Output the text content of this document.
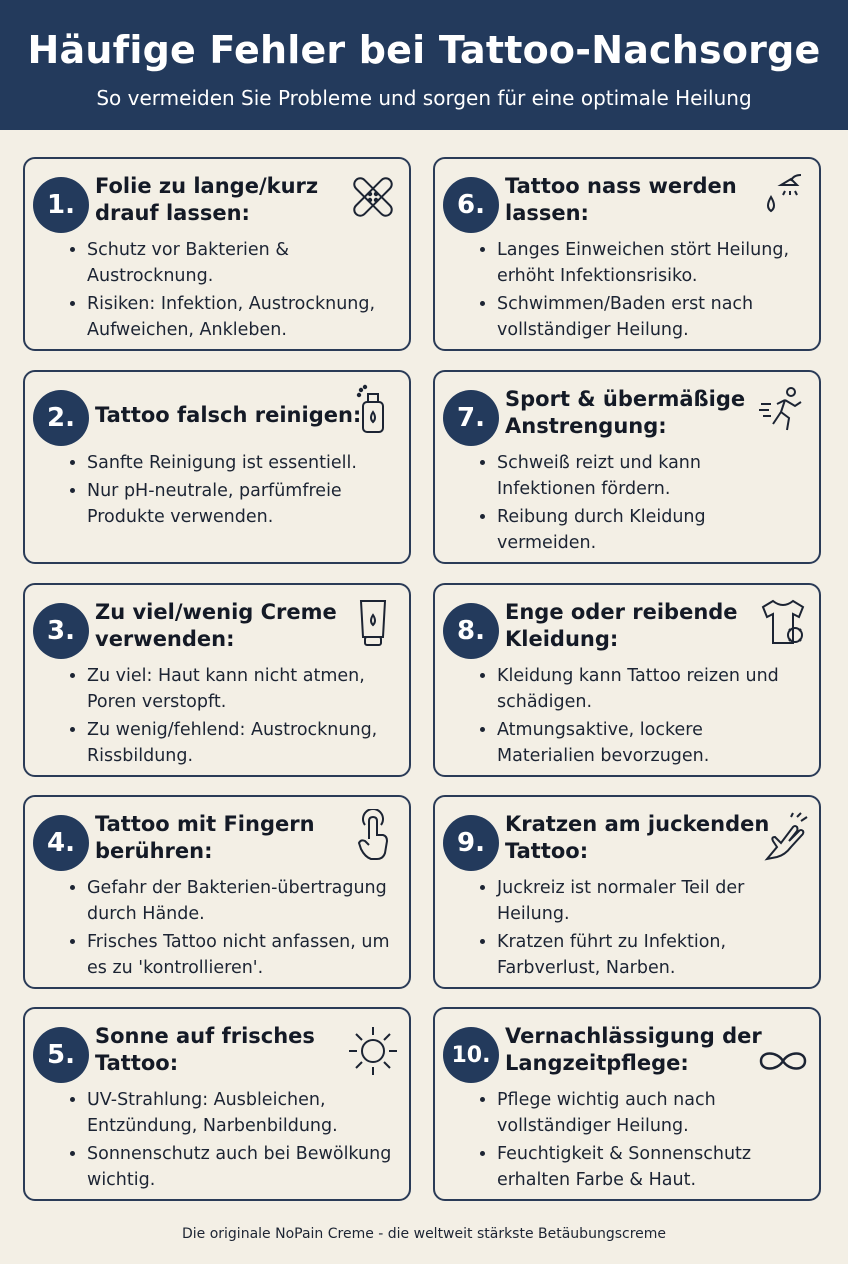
Häufige Fehler bei Tattoo-Nachsorge
So vermeiden Sie Probleme und sorgen für eine optimale Heilung
1.
Folie zu lange/kurz drauf lassen:
• Schutz vor Bakterien & Austrocknung.
• Risiken: Infektion, Austrocknung, Aufweichen, Ankleben.
6.
Tattoo nass werden lassen:
• Langes Einweichen stört Heilung, erhöht Infektionsrisiko.
• Schwimmen/Baden erst nach vollständiger Heilung.
2. Tattoo falsch reinigen:
• Sanfte Reinigung ist essentiell.
• Nur pH-neutrale, parfümfreie Produkte verwenden.
7.
Sport & übermäßige Anstrengung:
• Schweiß reizt und kann Infektionen fördern.
• Reibung durch Kleidung vermeiden.
3.
Zu viel/wenig Creme verwenden:
• Zu viel: Haut kann nicht atmen, Poren verstopft.
• Zu wenig/fehlend: Austrocknung, Rissbildung.
8.
Enge oder reibende Kleidung:
• Kleidung kann Tattoo reizen und schädigen.
• Atmungsaktive, lockere Materialien bevorzugen.
4.
Tattoo mit Fingern berühren:
• Gefahr der Bakterien-übertragung durch Hände.
• Frisches Tattoo nicht anfassen, um es zu 'kontrollieren'.
9.
Kratzen am juckenden Tattoo:
• Juckreiz ist normaler Teil der Heilung.
• Kratzen führt zu Infektion, Farbverlust, Narben.
5.
Sonne auf frisches Tattoo:
• UV-Strahlung: Ausbleichen, Entzündung, Narbenbildung.
• Sonnenschutz auch bei Bewölkung wichtig.
10.
Vernachlässigung der Langzeitpflege:
• Pflege wichtig auch nach vollständiger Heilung.
• Feuchtigkeit & Sonnenschutz erhalten Farbe & Haut.
Die originale NoPain Creme - die weltweit stärkste Betäubungscreme
